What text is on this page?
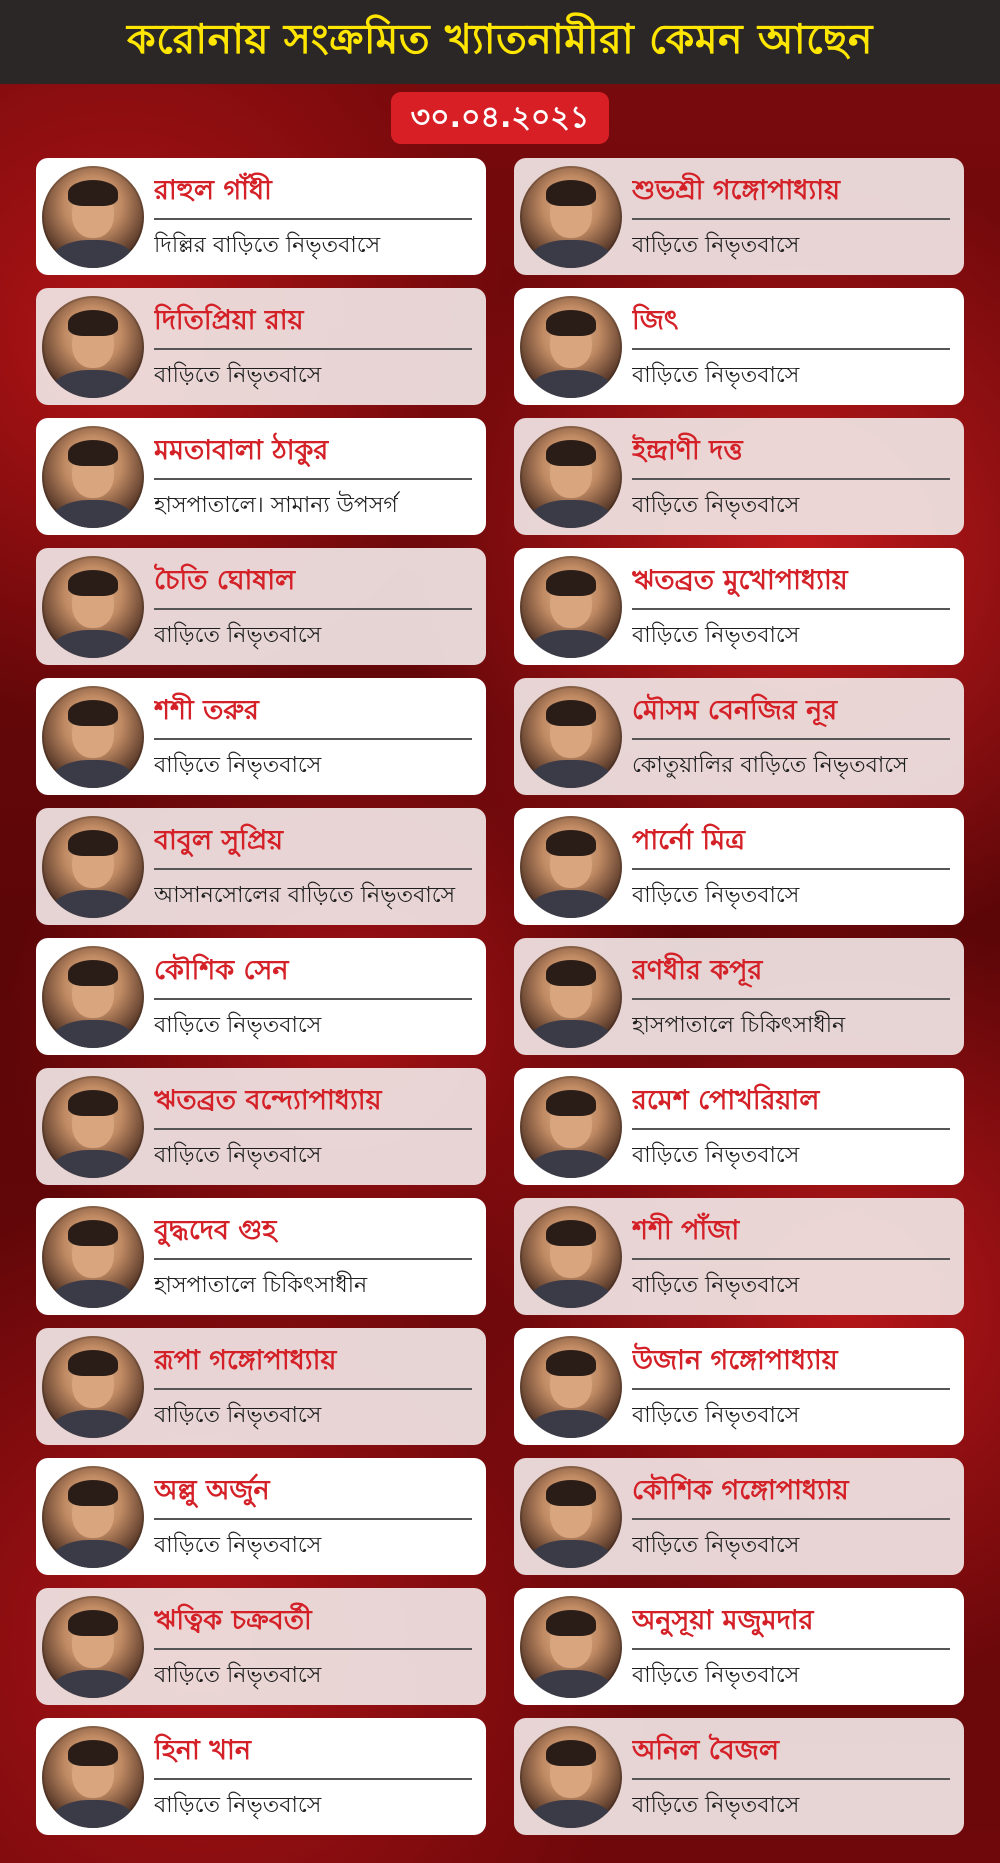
করোনায় সংক্রমিত খ্যাতনামীরা কেমন আছেন
৩০.০৪.২০২১
রাহুল গাঁধী
দিল্লির বাড়িতে নিভৃতবাসে
শুভশ্রী গঙ্গোপাধ্যায়
বাড়িতে নিভৃতবাসে
দিতিপ্রিয়া রায়
বাড়িতে নিভৃতবাসে
জিৎ
বাড়িতে নিভৃতবাসে
মমতাবালা ঠাকুর
হাসপাতালে। সামান্য উপসর্গ
ইন্দ্রাণী দত্ত
বাড়িতে নিভৃতবাসে
চৈতি ঘোষাল
বাড়িতে নিভৃতবাসে
ঋতব্রত মুখোপাধ্যায়
বাড়িতে নিভৃতবাসে
শশী তরুর
বাড়িতে নিভৃতবাসে
মৌসম বেনজির নূর
কোতুয়ালির বাড়িতে নিভৃতবাসে
বাবুল সুপ্রিয়
আসানসোলের বাড়িতে নিভৃতবাসে
পার্নো মিত্র
বাড়িতে নিভৃতবাসে
কৌশিক সেন
বাড়িতে নিভৃতবাসে
রণধীর কপূর
হাসপাতালে চিকিৎসাধীন
ঋতব্রত বন্দ্যোপাধ্যায়
বাড়িতে নিভৃতবাসে
রমেশ পোখরিয়াল
বাড়িতে নিভৃতবাসে
বুদ্ধদেব গুহ
হাসপাতালে চিকিৎসাধীন
শশী পাঁজা
বাড়িতে নিভৃতবাসে
রূপা গঙ্গোপাধ্যায়
বাড়িতে নিভৃতবাসে
উজান গঙ্গোপাধ্যায়
বাড়িতে নিভৃতবাসে
অল্লু অর্জুন
বাড়িতে নিভৃতবাসে
কৌশিক গঙ্গোপাধ্যায়
বাড়িতে নিভৃতবাসে
ঋত্বিক চক্রবর্তী
বাড়িতে নিভৃতবাসে
অনুসূয়া মজুমদার
বাড়িতে নিভৃতবাসে
হিনা খান
বাড়িতে নিভৃতবাসে
অনিল বৈজল
বাড়িতে নিভৃতবাসে
